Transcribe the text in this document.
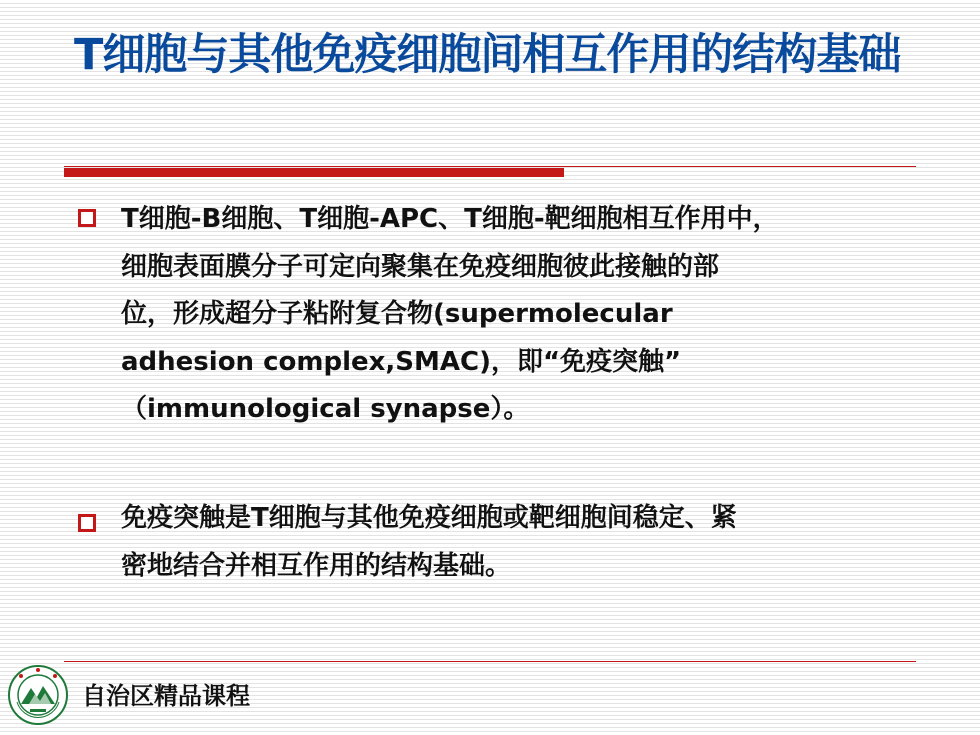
T细胞与其他免疫细胞间相互作用的结构基础

T细胞-B细胞、T细胞-APC、T细胞-靶细胞相互作用中，
细胞表面膜分子可定向聚集在免疫细胞彼此接触的部
位，形成超分子粘附复合物(supermolecular
adhesion complex,SMAC)，即“免疫突触”
（immunological synapse）。

免疫突触是T细胞与其他免疫细胞或靶细胞间稳定、紧
密地结合并相互作用的结构基础。

自治区精品课程
